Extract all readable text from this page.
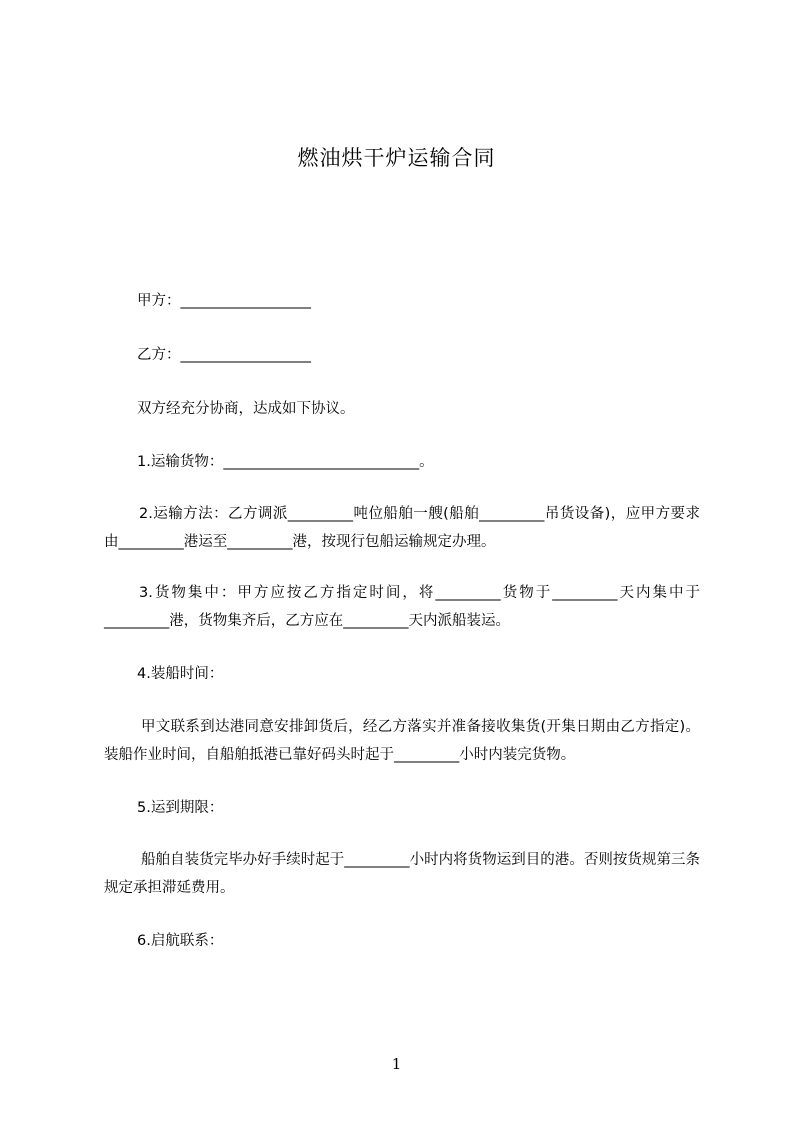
燃油烘干炉运输合同
甲方：__________________
乙方：__________________
双方经充分协商，达成如下协议。
1.运输货物：___________________________。
2.运输方法：乙方调派_________吨位船舶一艘(船舶_________吊货设备)，应甲方要求由_________港运至_________港，按现行包船运输规定办理。
3.货物集中：甲方应按乙方指定时间，将_________货物于_________天内集中于_________港，货物集齐后，乙方应在_________天内派船装运。
4.装船时间：
甲文联系到达港同意安排卸货后，经乙方落实并准备接收集货(开集日期由乙方指定)。装船作业时间，自船舶抵港已靠好码头时起于_________小时内装完货物。
5.运到期限：
船舶自装货完毕办好手续时起于_________小时内将货物运到目的港。否则按货规第三条规定承担滞延费用。
6.启航联系：
1
